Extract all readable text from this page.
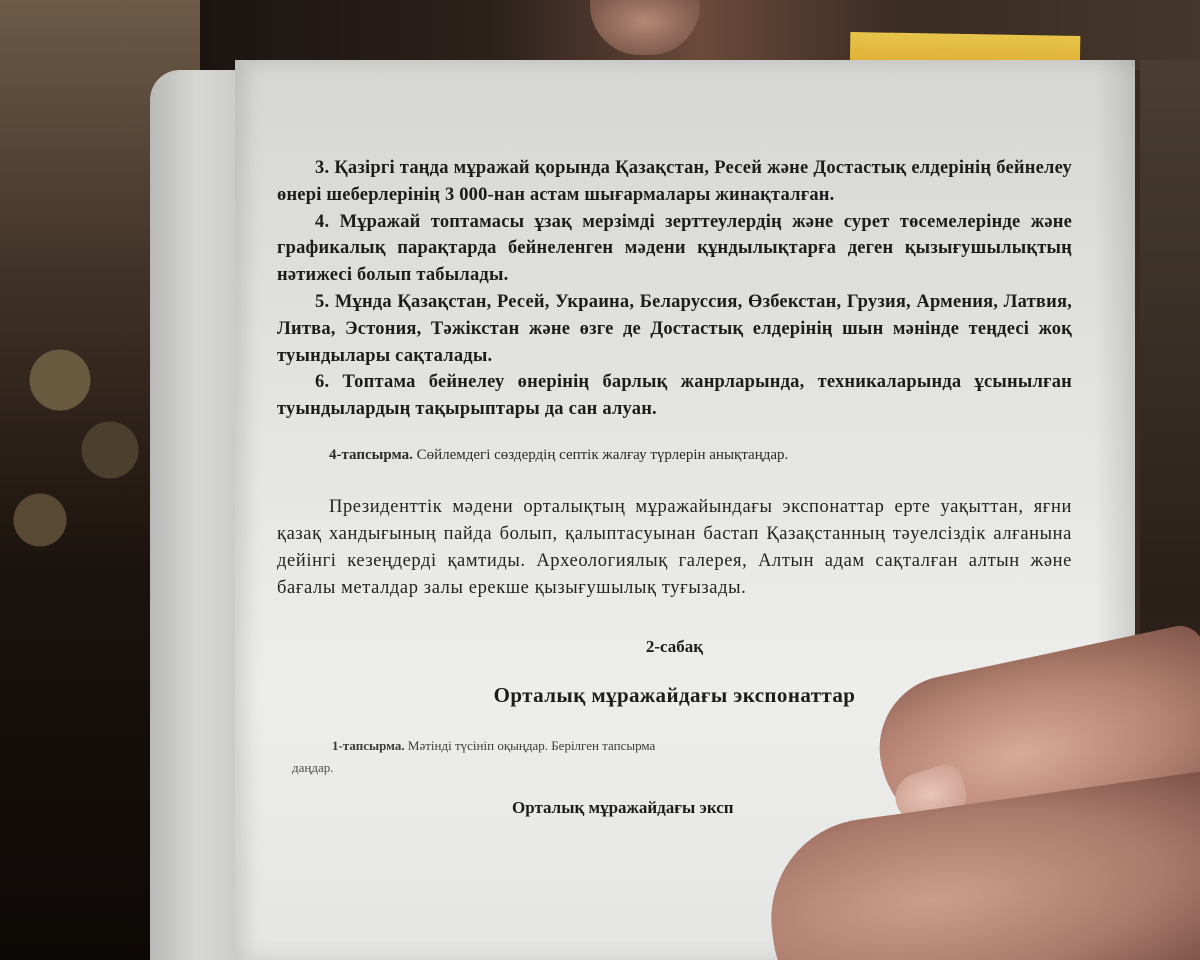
3. Қазіргі таңда мұражай қорында Қазақстан, Ресей және Достастық елдерінің бейнелеу өнері шеберлерінің 3 000-нан астам шығармалары жинақталған.

4. Мұражай топтамасы ұзақ мерзімді зерттеулердің және сурет төсемелерінде және графикалық парақтарда бейнеленген мәдени құндылықтарға деген қызығушылықтың нәтижесі болып табылады.

5. Мұнда Қазақстан, Ресей, Украина, Беларуссия, Өзбекстан, Грузия, Армения, Латвия, Литва, Эстония, Тәжікстан және өзге де Достастық елдерінің шын мәнінде теңдесі жоқ туындылары сақталады.

6. Топтама бейнелеу өнерінің барлық жанрларында, техникаларында ұсынылған туындылардың тақырыптары да сан алуан.

4-тапсырма. Сөйлемдегі сөздердің септік жалғау түрлерін анықтаңдар.

Президенттік мәдени орталықтың мұражайындағы экспонаттар ерте уақыттан, яғни қазақ хандығының пайда болып, қалыптасуынан бастап Қазақстанның тәуелсіздік алғанына дейінгі кезеңдерді қамтиды. Археологиялық галерея, Алтын адам сақталған алтын және бағалы металдар залы ерекше қызығушылық туғызады.

2-сабақ
Орталық мұражайдағы экспонаттар

1-тапсырма. Мәтінді түсініп оқыңдар. Берілген тапсырма

даңдар.

Орталық мұражайдағы эксп
